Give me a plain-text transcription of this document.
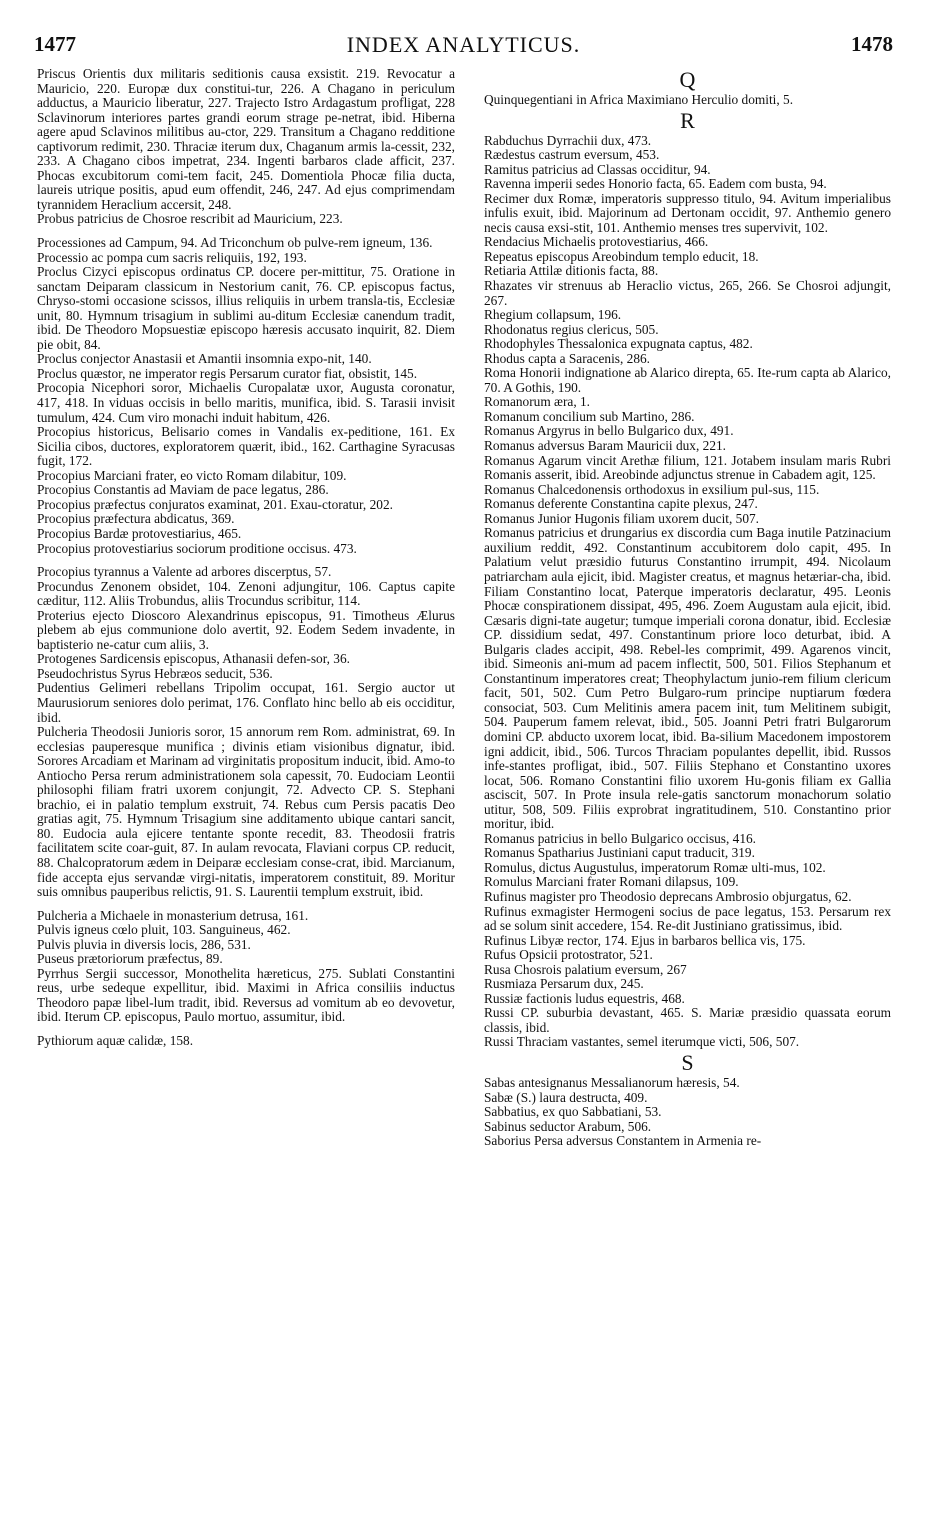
1477	INDEX ANALYTICUS.	1478

Priscus Orientis dux militaris seditionis causa exsistit. 219. Revocatur a Mauricio, 220. Europæ dux constitui-tur, 226. A Chagano in periculum adductus, a Mauricio liberatur, 227. Trajecto Istro Ardagastum profligat, 228 Sclavinorum interiores partes grandi eorum strage pe-netrat, ibid. Hiberna agere apud Sclavinos militibus au-ctor, 229. Transitum a Chagano redditione captivorum redimit, 230. Thraciæ iterum dux, Chaganum armis la-cessit, 232, 233. A Chagano cibos impetrat, 234. Ingenti barbaros clade afficit, 237. Phocas excubitorum comi-tem facit, 245. Domentiola Phocæ filia ducta, laureis utrique positis, apud eum offendit, 246, 247. Ad ejus comprimendam tyrannidem Heraclium accersit, 248.

Probus patricius de Chosroe rescribit ad Mauricium, 223.

Processiones ad Campum, 94. Ad Triconchum ob pulve-rem igneum, 136.

Processio ac pompa cum sacris reliquiis, 192, 193.

Proclus Cizyci episcopus ordinatus CP. docere per-mittitur, 75. Oratione in sanctam Deiparam classicum in Nestorium canit, 76. CP. episcopus factus, Chryso-stomi occasione scissos, illius reliquiis in urbem transla-tis, Ecclesiæ unit, 80. Hymnum trisagium in sublimi au-ditum Ecclesiæ canendum tradit, ibid. De Theodoro Mopsuestiæ episcopo hæresis accusato inquirit, 82. Diem pie obit, 84.

Proclus conjector Anastasii et Amantii insomnia expo-nit, 140.

Proclus quæstor, ne imperator regis Persarum curator fiat, obsistit, 145.

Procopia Nicephori soror, Michaelis Curopalatæ uxor, Augusta coronatur, 417, 418. In viduas occisis in bello maritis, munifica, ibid. S. Tarasii invisit tumulum, 424. Cum viro monachi induit habitum, 426.

Procopius historicus, Belisario comes in Vandalis ex-peditione, 161. Ex Sicilia cibos, ductores, exploratorem quærit, ibid., 162. Carthagine Syracusas fugit, 172.

Procopius Marciani frater, eo victo Romam dilabitur, 109.

Procopius Constantis ad Maviam de pace legatus, 286.

Procopius præfectus conjuratos examinat, 201. Exau-ctoratur, 202.

Procopius præfectura abdicatus, 369.

Procopius Bardæ protovestiarius, 465.

Procopius protovestiarius sociorum proditione occisus. 473.

Procopius tyrannus a Valente ad arbores discerptus, 57.

Procundus Zenonem obsidet, 104. Zenoni adjungitur, 106. Captus capite cæditur, 112. Aliis Trobundus, aliis Trocundus scribitur, 114.

Proterius ejecto Dioscoro Alexandrinus episcopus, 91. Timotheus Ælurus plebem ab ejus communione dolo avertit, 92. Eodem Sedem invadente, in baptisterio ne-catur cum aliis, 3.

Protogenes Sardicensis episcopus, Athanasii defen-sor, 36.

Pseudochristus Syrus Hebræos seducit, 536.

Pudentius Gelimeri rebellans Tripolim occupat, 161. Sergio auctor ut Maurusiorum seniores dolo perimat, 176. Conflato hinc bello ab eis occiditur, ibid.

Pulcheria Theodosii Junioris soror, 15 annorum rem Rom. administrat, 69. In ecclesias pauperesque munifica ; divinis etiam visionibus dignatur, ibid. Sorores Arcadiam et Marinam ad virginitatis propositum inducit, ibid. Amo-to Antiocho Persa rerum administrationem sola capessit, 70. Eudociam Leontii philosophi filiam fratri uxorem conjungit, 72. Advecto CP. S. Stephani brachio, ei in palatio templum exstruit, 74. Rebus cum Persis pacatis Deo gratias agit, 75. Hymnum Trisagium sine additamento ubique cantari sancit, 80. Eudocia aula ejicere tentante sponte recedit, 83. Theodosii fratris facilitatem scite coar-guit, 87. In aulam revocata, Flaviani corpus CP. reducit, 88. Chalcopratorum ædem in Deiparæ ecclesiam conse-crat, ibid. Marcianum, fide accepta ejus servandæ virgi-nitatis, imperatorem constituit, 89. Moritur suis omnibus pauperibus relictis, 91. S. Laurentii templum exstruit, ibid.

Pulcheria a Michaele in monasterium detrusa, 161.

Pulvis igneus cœlo pluit, 103. Sanguineus, 462.

Pulvis pluvia in diversis locis, 286, 531.

Puseus prætoriorum præfectus, 89.

Pyrrhus Sergii successor, Monothelita hæreticus, 275. Sublati Constantini reus, urbe sedeque expellitur, ibid. Maximi in Africa consiliis inductus Theodoro papæ libel-lum tradit, ibid. Reversus ad vomitum ab eo devovetur, ibid. Iterum CP. episcopus, Paulo mortuo, assumitur, ibid.

Pythiorum aquæ calidæ, 158.

Q

Quinquegentiani in Africa Maximiano Herculio domiti, 5.

R

Rabduchus Dyrrachii dux, 473.

Rædestus castrum eversum, 453.

Ramitus patricius ad Classas occiditur, 94.

Ravenna imperii sedes Honorio facta, 65. Eadem com busta, 94.

Recimer dux Romæ, imperatoris suppresso titulo, 94. Avitum imperialibus infulis exuit, ibid. Majorinum ad Dertonam occidit, 97. Anthemio genero necis causa exsi-stit, 101. Anthemio menses tres supervivit, 102.

Rendacius Michaelis protovestiarius, 466.

Repeatus episcopus Areobindum templo educit, 18.

Retiaria Attilæ ditionis facta, 88.

Rhazates vir strenuus ab Heraclio victus, 265, 266. Se Chosroi adjungit, 267.

Rhegium collapsum, 196.

Rhodonatus regius clericus, 505.

Rhodophyles Thessalonica expugnata captus, 482.

Rhodus capta a Saracenis, 286.

Roma Honorii indignatione ab Alarico direpta, 65. Ite-rum capta ab Alarico, 70. A Gothis, 190.

Romanorum æra, 1.

Romanum concilium sub Martino, 286.

Romanus Argyrus in bello Bulgarico dux, 491.

Romanus adversus Baram Mauricii dux, 221.

Romanus Agarum vincit Arethæ filium, 121. Jotabem insulam maris Rubri Romanis asserit, ibid. Areobinde adjunctus strenue in Cabadem agit, 125.

Romanus Chalcedonensis orthodoxus in exsilium pul-sus, 115.

Romanus deferente Constantina capite plexus, 247.

Romanus Junior Hugonis filiam uxorem ducit, 507.

Romanus patricius et drungarius ex discordia cum Baga inutile Patzinacium auxilium reddit, 492. Constantinum accubitorem dolo capit, 495. In Palatium velut præsidio futurus Constantino irrumpit, 494. Nicolaum patriarcham aula ejicit, ibid. Magister creatus, et magnus hetæriar-cha, ibid. Filiam Constantino locat, Paterque imperatoris declaratur, 495. Leonis Phocæ conspirationem dissipat, 495, 496. Zoem Augustam aula ejicit, ibid. Cæsaris digni-tate augetur; tumque imperiali corona donatur, ibid. Ecclesiæ CP. dissidium sedat, 497. Constantinum priore loco deturbat, ibid. A Bulgaris clades accipit, 498. Rebel-les comprimit, 499. Agarenos vincit, ibid. Simeonis ani-mum ad pacem inflectit, 500, 501. Filios Stephanum et Constantinum imperatores creat; Theophylactum junio-rem filium clericum facit, 501, 502. Cum Petro Bulgaro-rum principe nuptiarum fœdera consociat, 503. Cum Melitinis amera pacem init, tum Melitinem subigit, 504. Pauperum famem relevat, ibid., 505. Joanni Petri fratri Bulgarorum domini CP. abducto uxorem locat, ibid. Ba-silium Macedonem impostorem igni addicit, ibid., 506. Turcos Thraciam populantes depellit, ibid. Russos infe-stantes profligat, ibid., 507. Filiis Stephano et Constantino uxores locat, 506. Romano Constantini filio uxorem Hu-gonis filiam ex Gallia asciscit, 507. In Prote insula rele-gatis sanctorum monachorum solatio utitur, 508, 509. Filiis exprobrat ingratitudinem, 510. Constantino prior moritur, ibid.

Romanus patricius in bello Bulgarico occisus, 416.

Romanus Spatharius Justiniani caput traducit, 319.

Romulus, dictus Augustulus, imperatorum Romæ ulti-mus, 102.

Romulus Marciani frater Romani dilapsus, 109.

Rufinus magister pro Theodosio deprecans Ambrosio objurgatus, 62.

Rufinus exmagister Hermogeni socius de pace legatus, 153. Persarum rex ad se solum sinit accedere, 154. Re-dit Justiniano gratissimus, ibid.

Rufinus Libyæ rector, 174. Ejus in barbaros bellica vis, 175.

Rufus Opsicii protostrator, 521.

Rusa Chosrois palatium eversum, 267

Rusmiaza Persarum dux, 245.

Russiæ factionis ludus equestris, 468.

Russi CP. suburbia devastant, 465. S. Mariæ præsidio quassata eorum classis, ibid.

Russi Thraciam vastantes, semel iterumque victi, 506, 507.

S

Sabas antesignanus Messalianorum hæresis, 54.

Sabæ (S.) laura destructa, 409.

Sabbatius, ex quo Sabbatiani, 53.

Sabinus seductor Arabum, 506.

Saborius Persa adversus Constantem in Armenia re-
